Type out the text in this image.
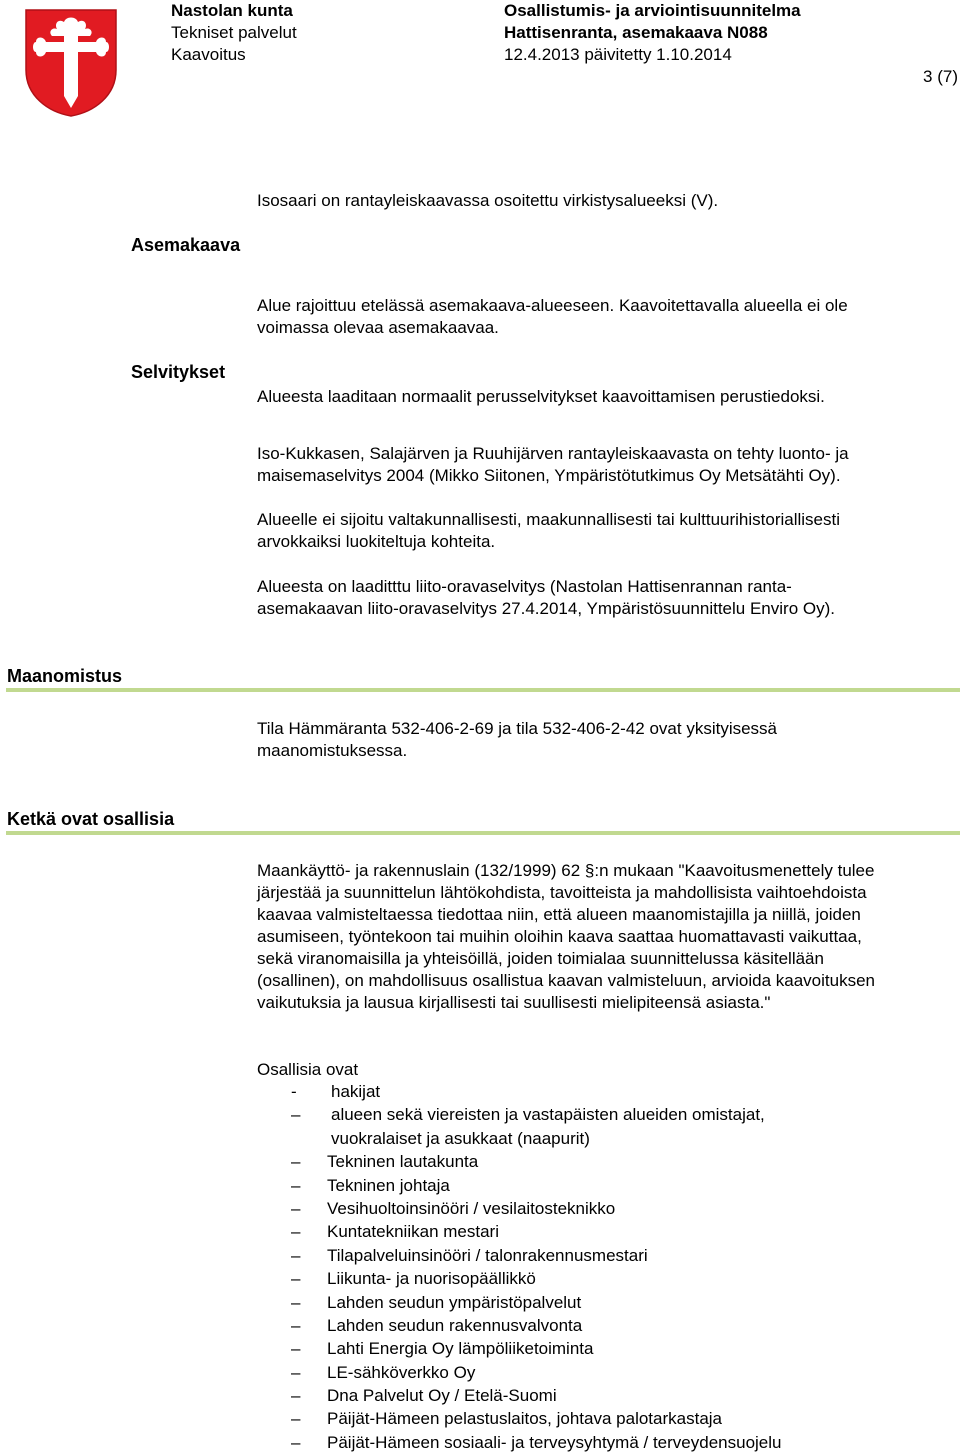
Nastolan kunta
Tekniset palvelut
Kaavoitus
Osallistumis- ja arviointisuunnitelma
Hattisenranta, asemakaava N088
12.4.2013 päivitetty 1.10.2014
3 (7)
Isosaari on rantayleiskaavassa osoitettu virkistysalueeksi (V).
Asemakaava
Alue rajoittuu etelässä asemakaava-alueeseen. Kaavoitettavalla alueella ei ole
voimassa olevaa asemakaavaa.
Selvitykset
Alueesta laaditaan normaalit perusselvitykset kaavoittamisen perustiedoksi.
Iso-Kukkasen, Salajärven ja Ruuhijärven rantayleiskaavasta on tehty luonto- ja
maisemaselvitys 2004 (Mikko Siitonen, Ympäristötutkimus Oy Metsätähti Oy).
Alueelle ei sijoitu valtakunnallisesti, maakunnallisesti tai kulttuurihistoriallisesti
arvokkaiksi luokiteltuja kohteita.
Alueesta on laaditttu liito-oravaselvitys (Nastolan Hattisenrannan ranta-
asemakaavan liito-oravaselvitys 27.4.2014, Ympäristösuunnittelu Enviro Oy).
Maanomistus
Tila Hämmäranta 532-406-2-69 ja tila 532-406-2-42 ovat yksityisessä
maanomistuksessa.
Ketkä ovat osallisia
Maankäyttö- ja rakennuslain (132/1999) 62 §:n mukaan "Kaavoitusmenettely tulee
järjestää ja suunnittelun lähtökohdista, tavoitteista ja mahdollisista vaihtoehdoista
kaavaa valmisteltaessa tiedottaa niin, että alueen maanomistajilla ja niillä, joiden
asumiseen, työntekoon tai muihin oloihin kaava saattaa huomattavasti vaikuttaa,
sekä viranomaisilla ja yhteisöillä, joiden toimialaa suunnittelussa käsitellään
(osallinen), on mahdollisuus osallistua kaavan valmisteluun, arvioida kaavoituksen
vaikutuksia ja lausua kirjallisesti tai suullisesti mielipiteensä asiasta."
Osallisia ovat
- hakijat
– alueen sekä viereisten ja vastapäisten alueiden omistajat,
vuokralaiset ja asukkaat (naapurit)
– Tekninen lautakunta
– Tekninen johtaja
– Vesihuoltoinsinööri / vesilaitosteknikko
– Kuntatekniikan mestari
– Tilapalveluinsinööri / talonrakennusmestari
– Liikunta- ja nuorisopäällikkö
– Lahden seudun ympäristöpalvelut
– Lahden seudun rakennusvalvonta
– Lahti Energia Oy lämpöliiketoiminta
– LE-sähköverkko Oy
– Dna Palvelut Oy / Etelä-Suomi
– Päijät-Hämeen pelastuslaitos, johtava palotarkastaja
– Päijät-Hämeen sosiaali- ja terveysyhtymä / terveydensuojelu
